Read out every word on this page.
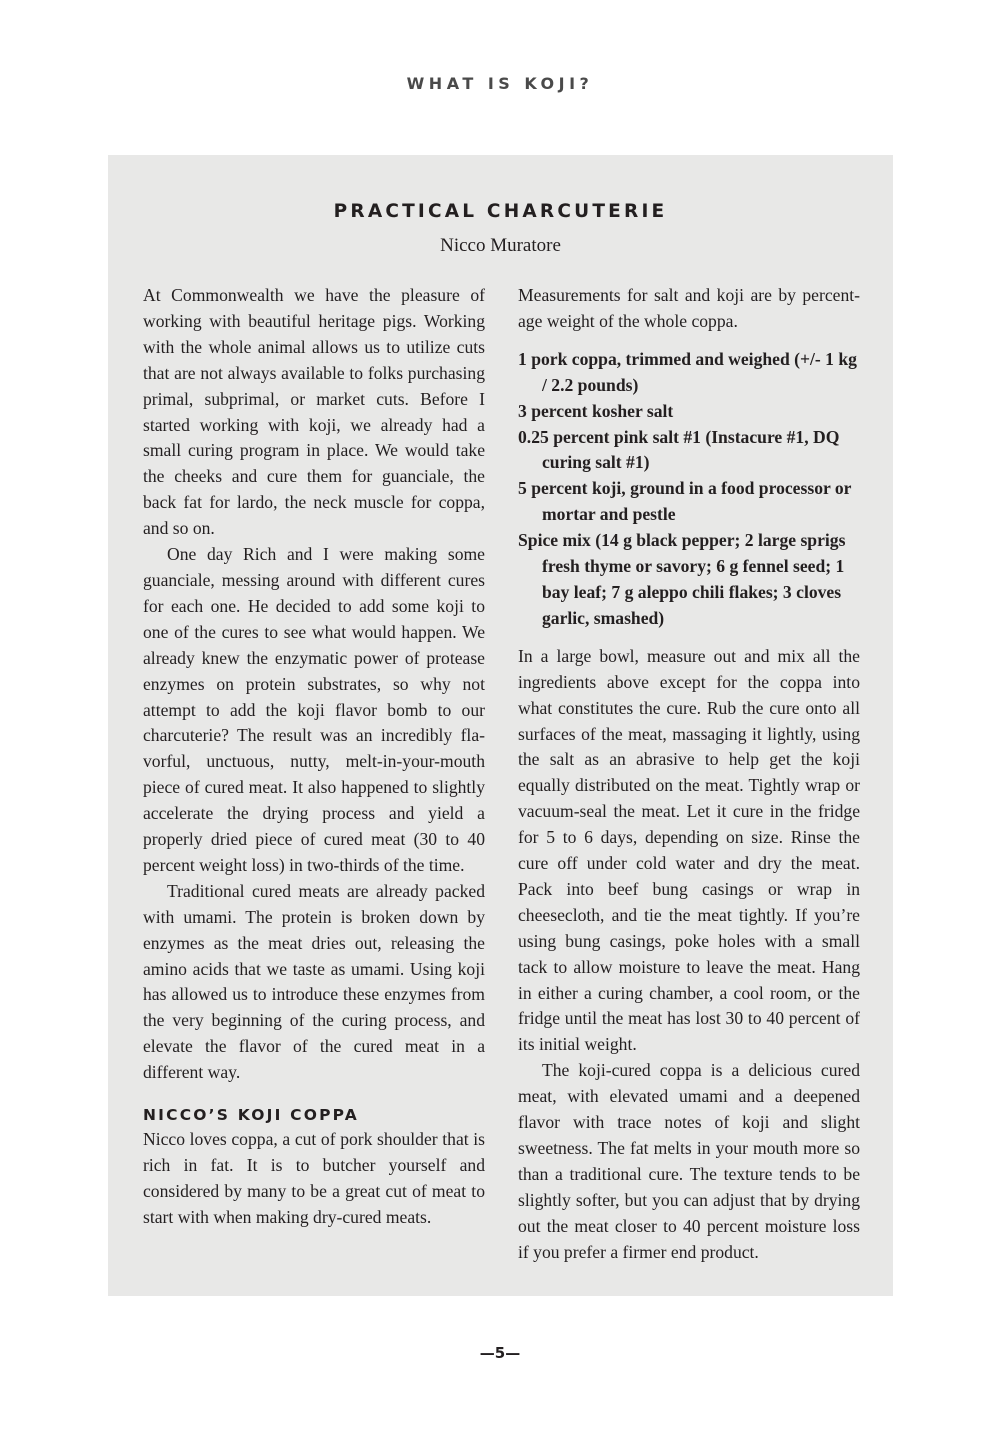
WHAT IS KOJI?
PRACTICAL CHARCUTERIE
Nicco Muratore

At Commonwealth we have the pleasure of working with beautiful heritage pigs. Working with the whole animal allows us to utilize cuts that are not always available to folks purchasing primal, subprimal, or market cuts. Before I started working with koji, we already had a small curing program in place. We would take the cheeks and cure them for guanciale, the back fat for lardo, the neck muscle for coppa, and so on.

One day Rich and I were making some guanciale, messing around with different cures for each one. He decided to add some koji to one of the cures to see what would happen. We already knew the enzymatic power of protease enzymes on protein substrates, so why not attempt to add the koji flavor bomb to our charcuterie? The result was an incredibly flavorful, unctuous, nutty, melt-in-your-mouth piece of cured meat. It also happened to slightly accelerate the drying process and yield a properly dried piece of cured meat (30 to 40 percent weight loss) in two-thirds of the time.

Traditional cured meats are already packed with umami. The protein is broken down by enzymes as the meat dries out, releasing the amino acids that we taste as umami. Using koji has allowed us to introduce these enzymes from the very beginning of the curing process, and elevate the flavor of the cured meat in a different way.

NICCO’S KOJI COPPA

Nicco loves coppa, a cut of pork shoulder that is rich in fat. It is to butcher yourself and considered by many to be a great cut of meat to start with when making dry-cured meats.

Measurements for salt and koji are by percentage weight of the whole coppa.

1 pork coppa, trimmed and weighed (+/- 1 kg / 2.2 pounds)
3 percent kosher salt
0.25 percent pink salt #1 (Instacure #1, DQ curing salt #1)
5 percent koji, ground in a food processor or mortar and pestle
Spice mix (14 g black pepper; 2 large sprigs fresh thyme or savory; 6 g fennel seed; 1 bay leaf; 7 g aleppo chili flakes; 3 cloves garlic, smashed)

In a large bowl, measure out and mix all the ingredients above except for the coppa into what constitutes the cure. Rub the cure onto all surfaces of the meat, massaging it lightly, using the salt as an abrasive to help get the koji equally distributed on the meat. Tightly wrap or vacuum-seal the meat. Let it cure in the fridge for 5 to 6 days, depending on size. Rinse the cure off under cold water and dry the meat. Pack into beef bung casings or wrap in cheesecloth, and tie the meat tightly. If you’re using bung casings, poke holes with a small tack to allow moisture to leave the meat. Hang in either a curing chamber, a cool room, or the fridge until the meat has lost 30 to 40 percent of its initial weight.

The koji-cured coppa is a delicious cured meat, with elevated umami and a deepened flavor with trace notes of koji and slight sweetness. The fat melts in your mouth more so than a traditional cure. The texture tends to be slightly softer, but you can adjust that by drying out the meat closer to 40 percent moisture loss if you prefer a firmer end product.

—5—
